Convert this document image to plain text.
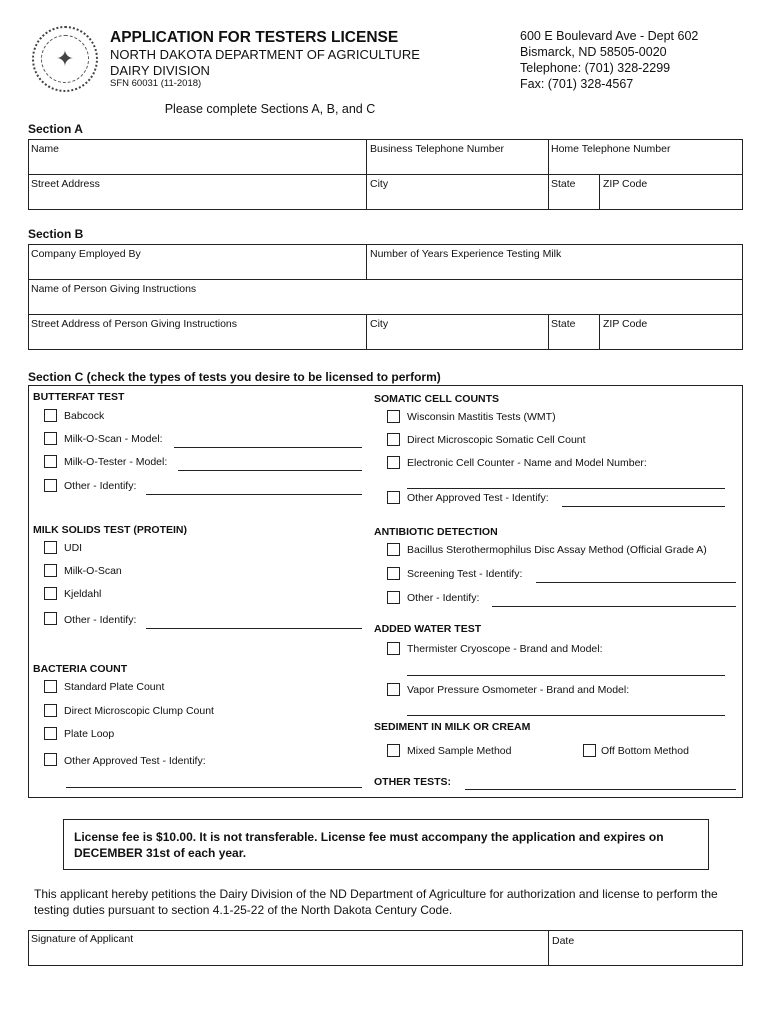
✦
APPLICATION FOR TESTERS LICENSE
NORTH DAKOTA DEPARTMENT OF AGRICULTURE
DAIRY DIVISION
SFN 60031 (11-2018)
600 E Boulevard Ave - Dept 602
Bismarck, ND 58505-0020
Telephone: (701) 328-2299
Fax: (701) 328-4567
Please complete Sections A, B, and C
Section A
Name	Business Telephone Number	Home Telephone Number
Street Address	City	State	ZIP Code
Section B
Company Employed By	Number of Years Experience Testing Milk
Name of Person Giving Instructions
Street Address of Person Giving Instructions	City	State	ZIP Code
Section C (check the types of tests you desire to be licensed to perform)
BUTTERFAT TEST
Babcock
Milk-O-Scan - Model:
Milk-O-Tester - Model:
Other - Identify:
MILK SOLIDS TEST (PROTEIN)
UDI
Milk-O-Scan
Kjeldahl
Other - Identify:
BACTERIA COUNT
Standard Plate Count
Direct Microscopic Clump Count
Plate Loop
Other Approved Test - Identify:
SOMATIC CELL COUNTS
Wisconsin Mastitis Tests (WMT)
Direct Microscopic Somatic Cell Count
Electronic Cell Counter - Name and Model Number:
Other Approved Test - Identify:
ANTIBIOTIC DETECTION
Bacillus Sterothermophilus Disc Assay Method (Official Grade A)
Screening Test - Identify:
Other - Identify:
ADDED WATER TEST
Thermister Cryoscope - Brand and Model:
Vapor Pressure Osmometer - Brand and Model:
SEDIMENT IN MILK OR CREAM
Mixed Sample Method	Off Bottom Method
OTHER TESTS:
License fee is $10.00. It is not transferable. License fee must accompany the application and expires on DECEMBER 31st of each year.
This applicant hereby petitions the Dairy Division of the ND Department of Agriculture for authorization and license to perform the testing duties pursuant to section 4.1-25-22 of the North Dakota Century Code.
Signature of Applicant	Date
